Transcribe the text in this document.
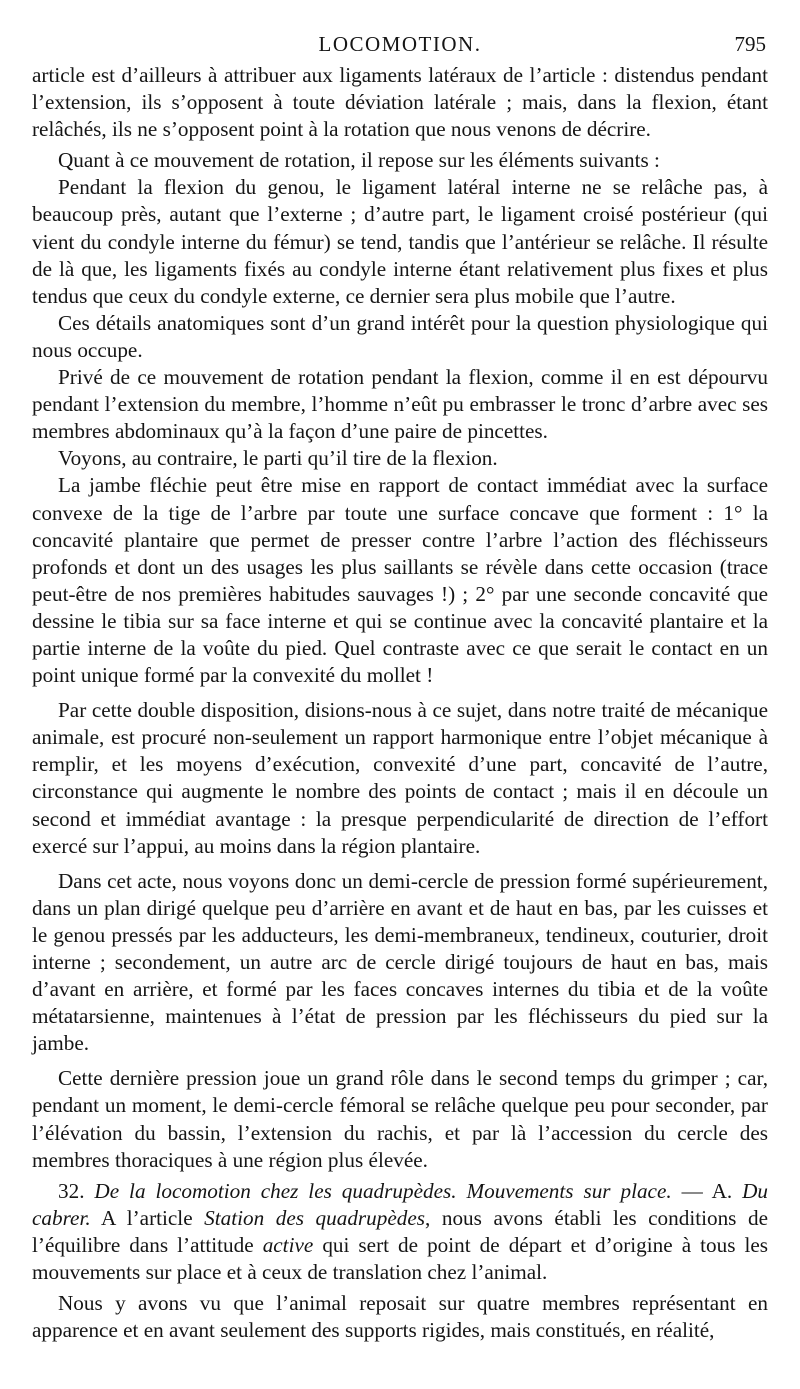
LOCOMOTION.	795

article est d’ailleurs à attribuer aux ligaments latéraux de l’article : distendus pendant l’extension, ils s’opposent à toute déviation latérale ; mais, dans la flexion, étant relâchés, ils ne s’opposent point à la rotation que nous venons de décrire.

Quant à ce mouvement de rotation, il repose sur les éléments suivants :

Pendant la flexion du genou, le ligament latéral interne ne se relâche pas, à beaucoup près, autant que l’externe ; d’autre part, le ligament croisé postérieur (qui vient du condyle interne du fémur) se tend, tandis que l’antérieur se relâche. Il résulte de là que, les ligaments fixés au condyle interne étant relativement plus fixes et plus tendus que ceux du condyle externe, ce dernier sera plus mobile que l’autre.

Ces détails anatomiques sont d’un grand intérêt pour la question physiologique qui nous occupe.

Privé de ce mouvement de rotation pendant la flexion, comme il en est dépourvu pendant l’extension du membre, l’homme n’eût pu embrasser le tronc d’arbre avec ses membres abdominaux qu’à la façon d’une paire de pincettes.

Voyons, au contraire, le parti qu’il tire de la flexion.

La jambe fléchie peut être mise en rapport de contact immédiat avec la surface convexe de la tige de l’arbre par toute une surface concave que forment : 1° la concavité plantaire que permet de presser contre l’arbre l’action des fléchisseurs profonds et dont un des usages les plus saillants se révèle dans cette occasion (trace peut-être de nos premières habitudes sauvages !) ; 2° par une seconde concavité que dessine le tibia sur sa face interne et qui se continue avec la concavité plantaire et la partie interne de la voûte du pied. Quel contraste avec ce que serait le contact en un point unique formé par la convexité du mollet !

Par cette double disposition, disions-nous à ce sujet, dans notre traité de mécanique animale, est procuré non-seulement un rapport harmonique entre l’objet mécanique à remplir, et les moyens d’exécution, convexité d’une part, concavité de l’autre, circonstance qui augmente le nombre des points de contact ; mais il en découle un second et immédiat avantage : la presque perpendicularité de direction de l’effort exercé sur l’appui, au moins dans la région plantaire.

Dans cet acte, nous voyons donc un demi-cercle de pression formé supérieurement, dans un plan dirigé quelque peu d’arrière en avant et de haut en bas, par les cuisses et le genou pressés par les adducteurs, les demi-membraneux, tendineux, couturier, droit interne ; secondement, un autre arc de cercle dirigé toujours de haut en bas, mais d’avant en arrière, et formé par les faces concaves internes du tibia et de la voûte métatarsienne, maintenues à l’état de pression par les fléchisseurs du pied sur la jambe.

Cette dernière pression joue un grand rôle dans le second temps du grimper ; car, pendant un moment, le demi-cercle fémoral se relâche quelque peu pour seconder, par l’élévation du bassin, l’extension du rachis, et par là l’accession du cercle des membres thoraciques à une région plus élevée.

32. De la locomotion chez les quadrupèdes. Mouvements sur place. — A. Du cabrer. A l’article Station des quadrupèdes, nous avons établi les conditions de l’équilibre dans l’attitude active qui sert de point de départ et d’origine à tous les mouvements sur place et à ceux de translation chez l’animal.

Nous y avons vu que l’animal reposait sur quatre membres représentant en apparence et en avant seulement des supports rigides, mais constitués, en réalité,
